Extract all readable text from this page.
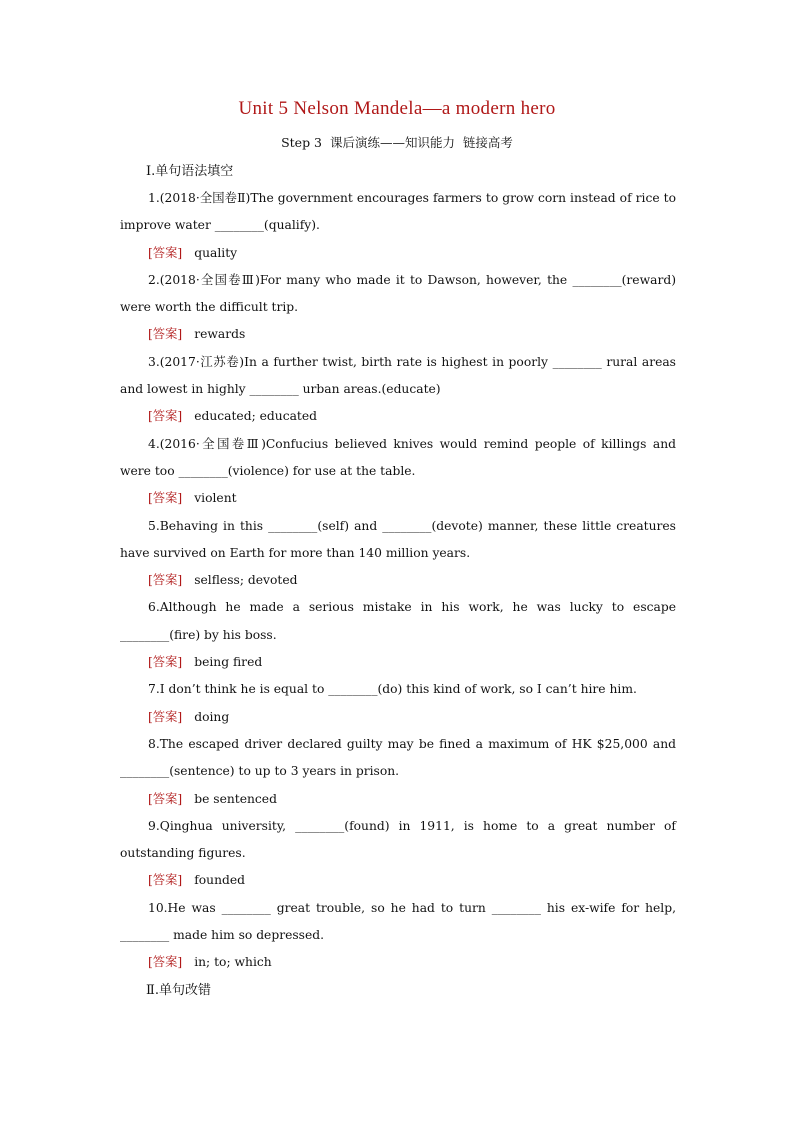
Unit 5 Nelson Mandela—a modern hero

Step 3  课后演练——知识能力  链接高考

Ⅰ.单句语法填空

1.(2018·全国卷Ⅱ)The government encourages farmers to grow corn instead of rice to improve water ________(qualify).

[答案] quality

2.(2018·全国卷Ⅲ)For many who made it to Dawson, however, the ________(reward) were worth the difficult trip.

[答案] rewards

3.(2017·江苏卷)In a further twist, birth rate is highest in poorly ________ rural areas and lowest in highly ________ urban areas.(educate)

[答案] educated; educated

4.(2016·全国卷Ⅲ)Confucius believed knives would remind people of killings and were too ________(violence) for use at the table.

[答案] violent

5.Behaving in this ________(self) and ________(devote) manner, these little creatures have survived on Earth for more than 140 million years.

[答案] selfless; devoted

6.Although he made a serious mistake in his work, he was lucky to escape ________(fire) by his boss.

[答案] being fired

7.I don’t think he is equal to ________(do) this kind of work, so I can’t hire him.

[答案] doing

8.The escaped driver declared guilty may be fined a maximum of HK $25,000 and ________(sentence) to up to 3 years in prison.

[答案] be sentenced

9.Qinghua university, ________(found) in 1911, is home to a great number of outstanding figures.

[答案] founded

10.He was ________ great trouble, so he had to turn ________ his ex-wife for help, ________ made him so depressed.

[答案] in; to; which

Ⅱ.单句改错
